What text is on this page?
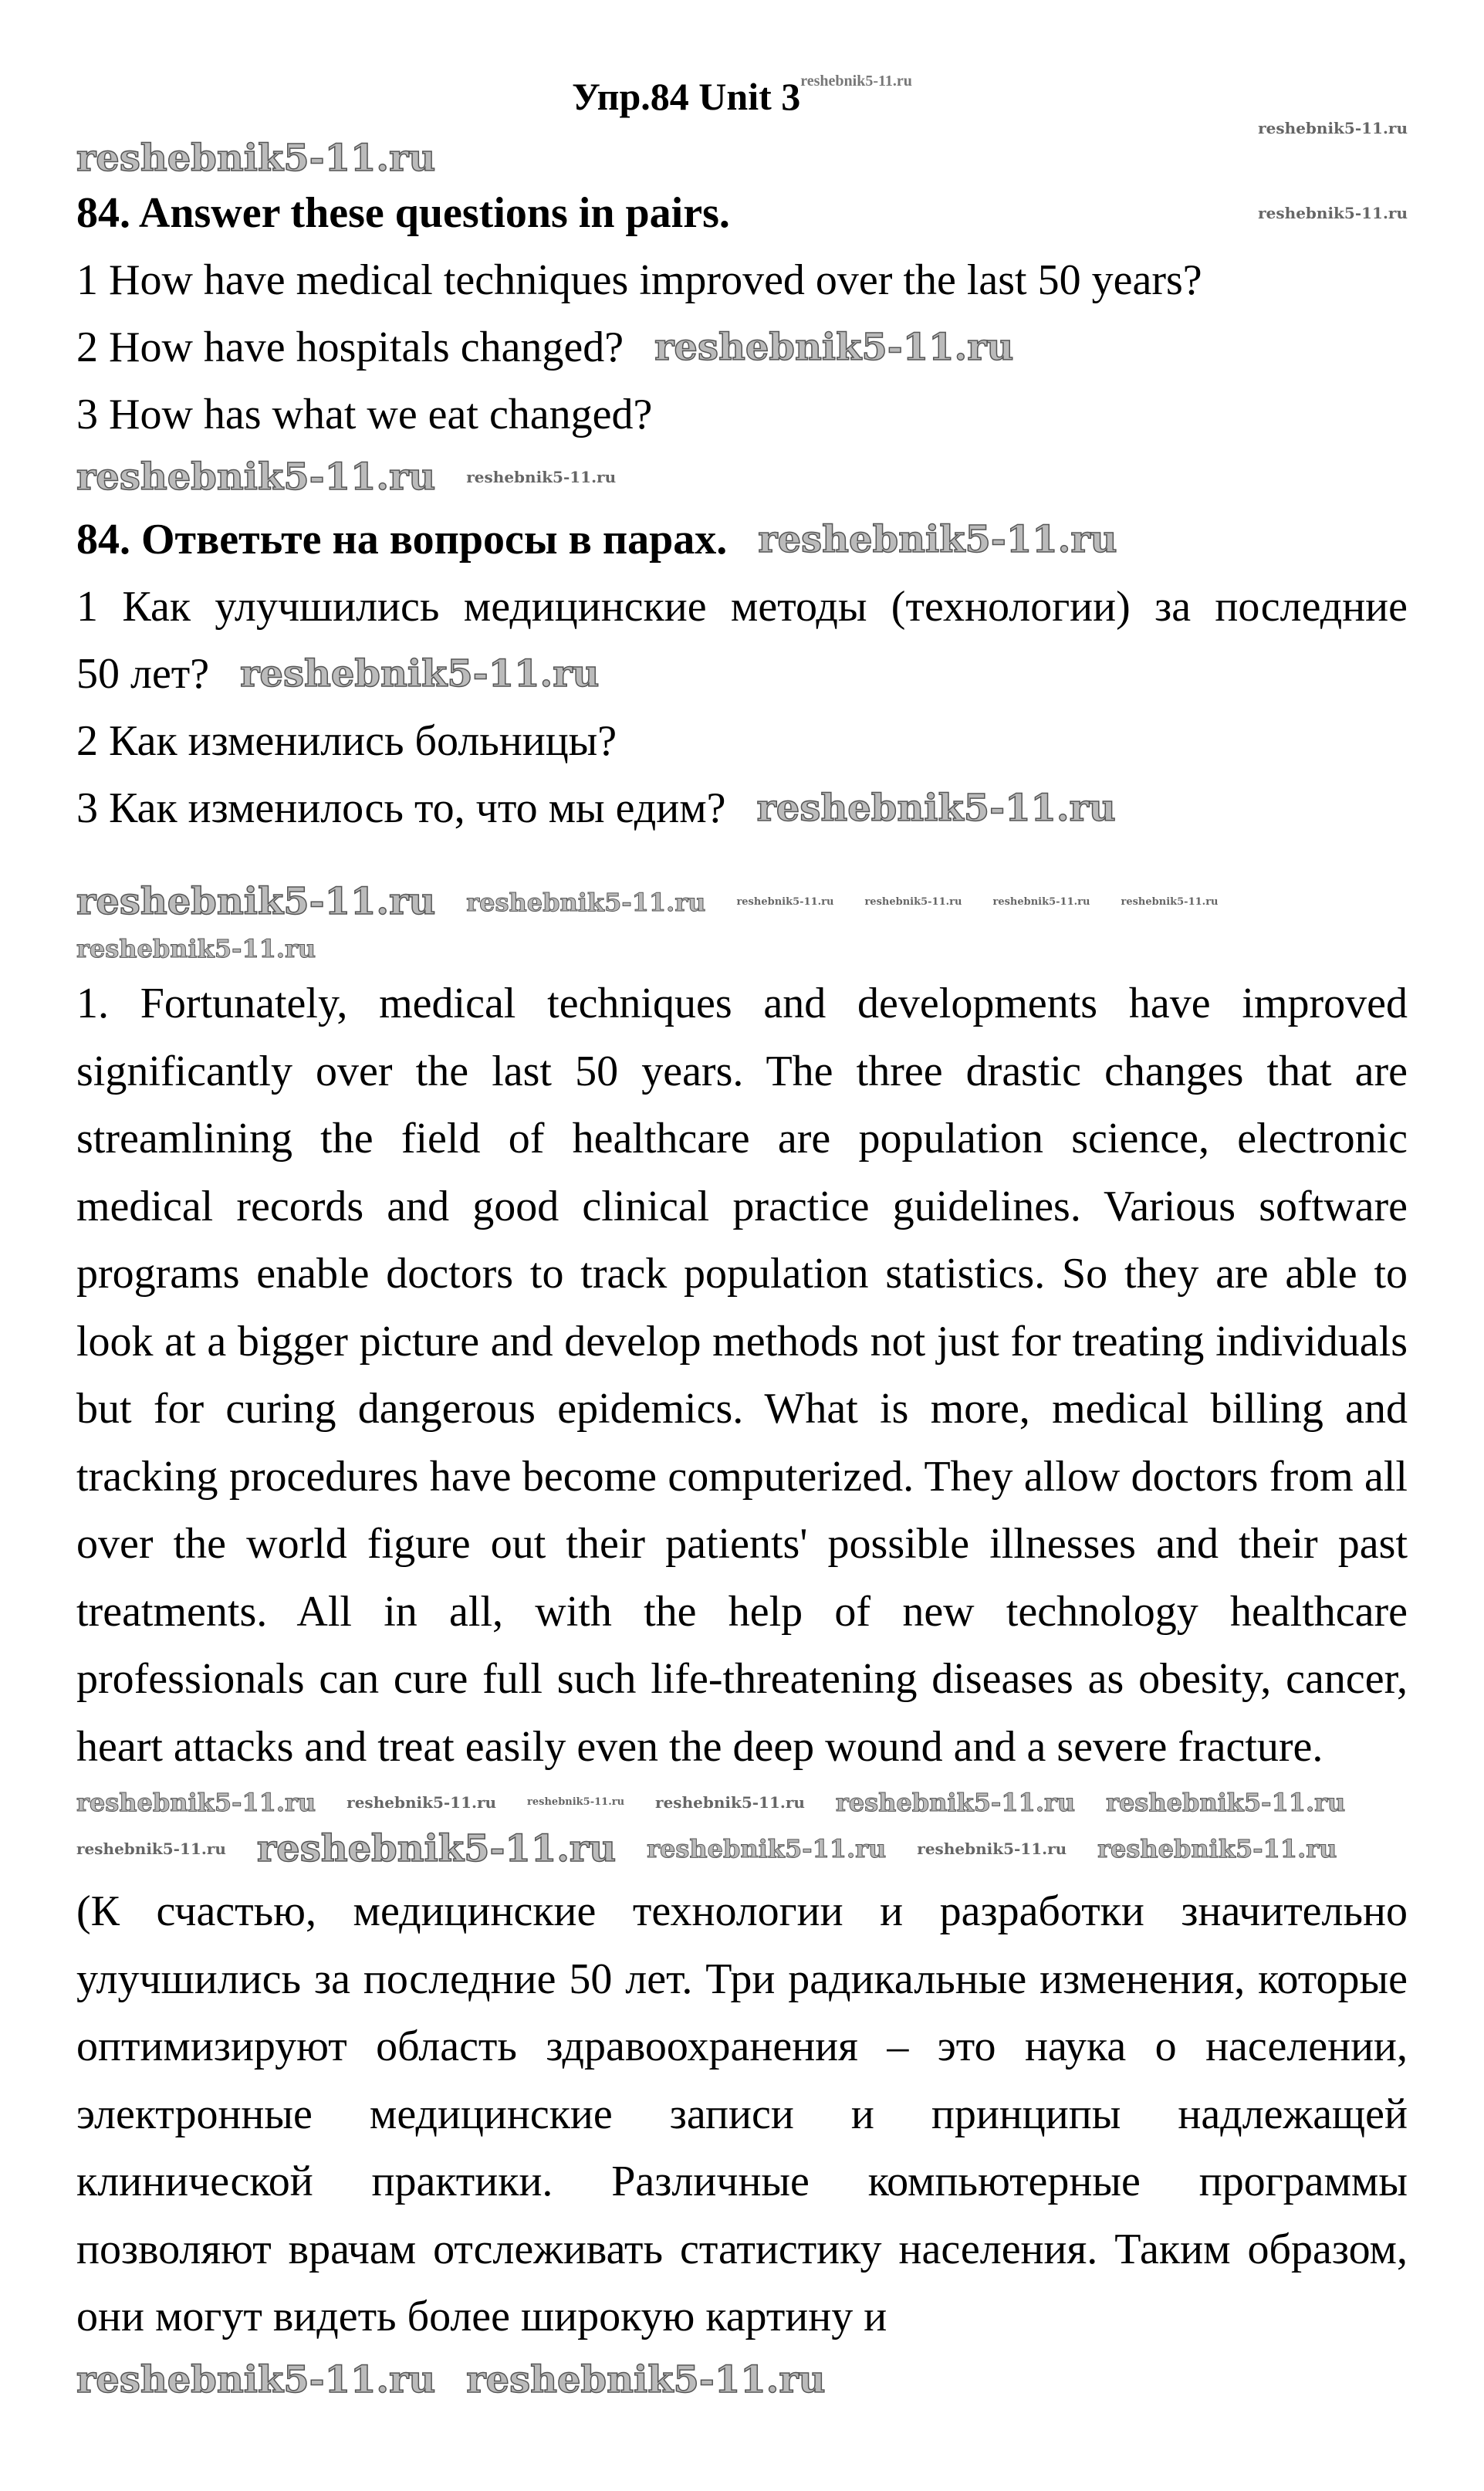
Упр.84 Unit $3^{reshebnik5-11.ru}$
reshebnik5-11.ru
reshebnik5-11.ru
84. Answer these questions in pairs.	reshebnik5-11.ru
1 How have medical techniques improved over the last 50 years?
2 How have hospitals changed? reshebnik5-11.ru
3 How has what we eat changed?
reshebnik5-11.ru reshebnik5-11.ru
84. Ответьте на вопросы в парах. reshebnik5-11.ru
1 Как улучшились медицинские методы (технологии) за последние
50 лет? reshebnik5-11.ru
2 Как изменились больницы?
3 Как изменилось то, что мы едим? reshebnik5-11.ru
reshebnik5-11.ru reshebnik5-11.ru	reshebnik5-11.ru	reshebnik5-11.ru	reshebnik5-11.ru	reshebnik5-11.ru
reshebnik5-11.ru
1. Fortunately, medical techniques and developments have improved significantly over the last 50 years. The three drastic changes that are streamlining the field of healthcare are population science, electronic medical records and good clinical practice guidelines. Various software programs enable doctors to track population statistics. So they are able to look at a bigger picture and develop methods not just for treating individuals but for curing dangerous epidemics. What is more, medical billing and tracking procedures have become computerized. They allow doctors from all over the world figure out their patients' possible illnesses and their past treatments. All in all, with the help of new technology healthcare professionals can cure full such life-threatening diseases as obesity, cancer, heart attacks and treat easily even the deep wound and a severe fracture.
reshebnik5-11.ru reshebnik5-11.ru	reshebnik5-11.ru reshebnik5-11.ru reshebnik5-11.ru reshebnik5-11.ru
reshebnik5-11.ru reshebnik5-11.ru reshebnik5-11.ru reshebnik5-11.ru reshebnik5-11.ru
(К счастью, медицинские технологии и разработки значительно улучшились за последние 50 лет. Три радикальные изменения, которые оптимизируют область здравоохранения – это наука о населении, электронные медицинские записи и принципы надлежащей клинической практики. Различные компьютерные программы позволяют врачам отслеживать статистику населения. Таким образом, они могут видеть более широкую картину и
reshebnik5-11.ru reshebnik5-11.ru
